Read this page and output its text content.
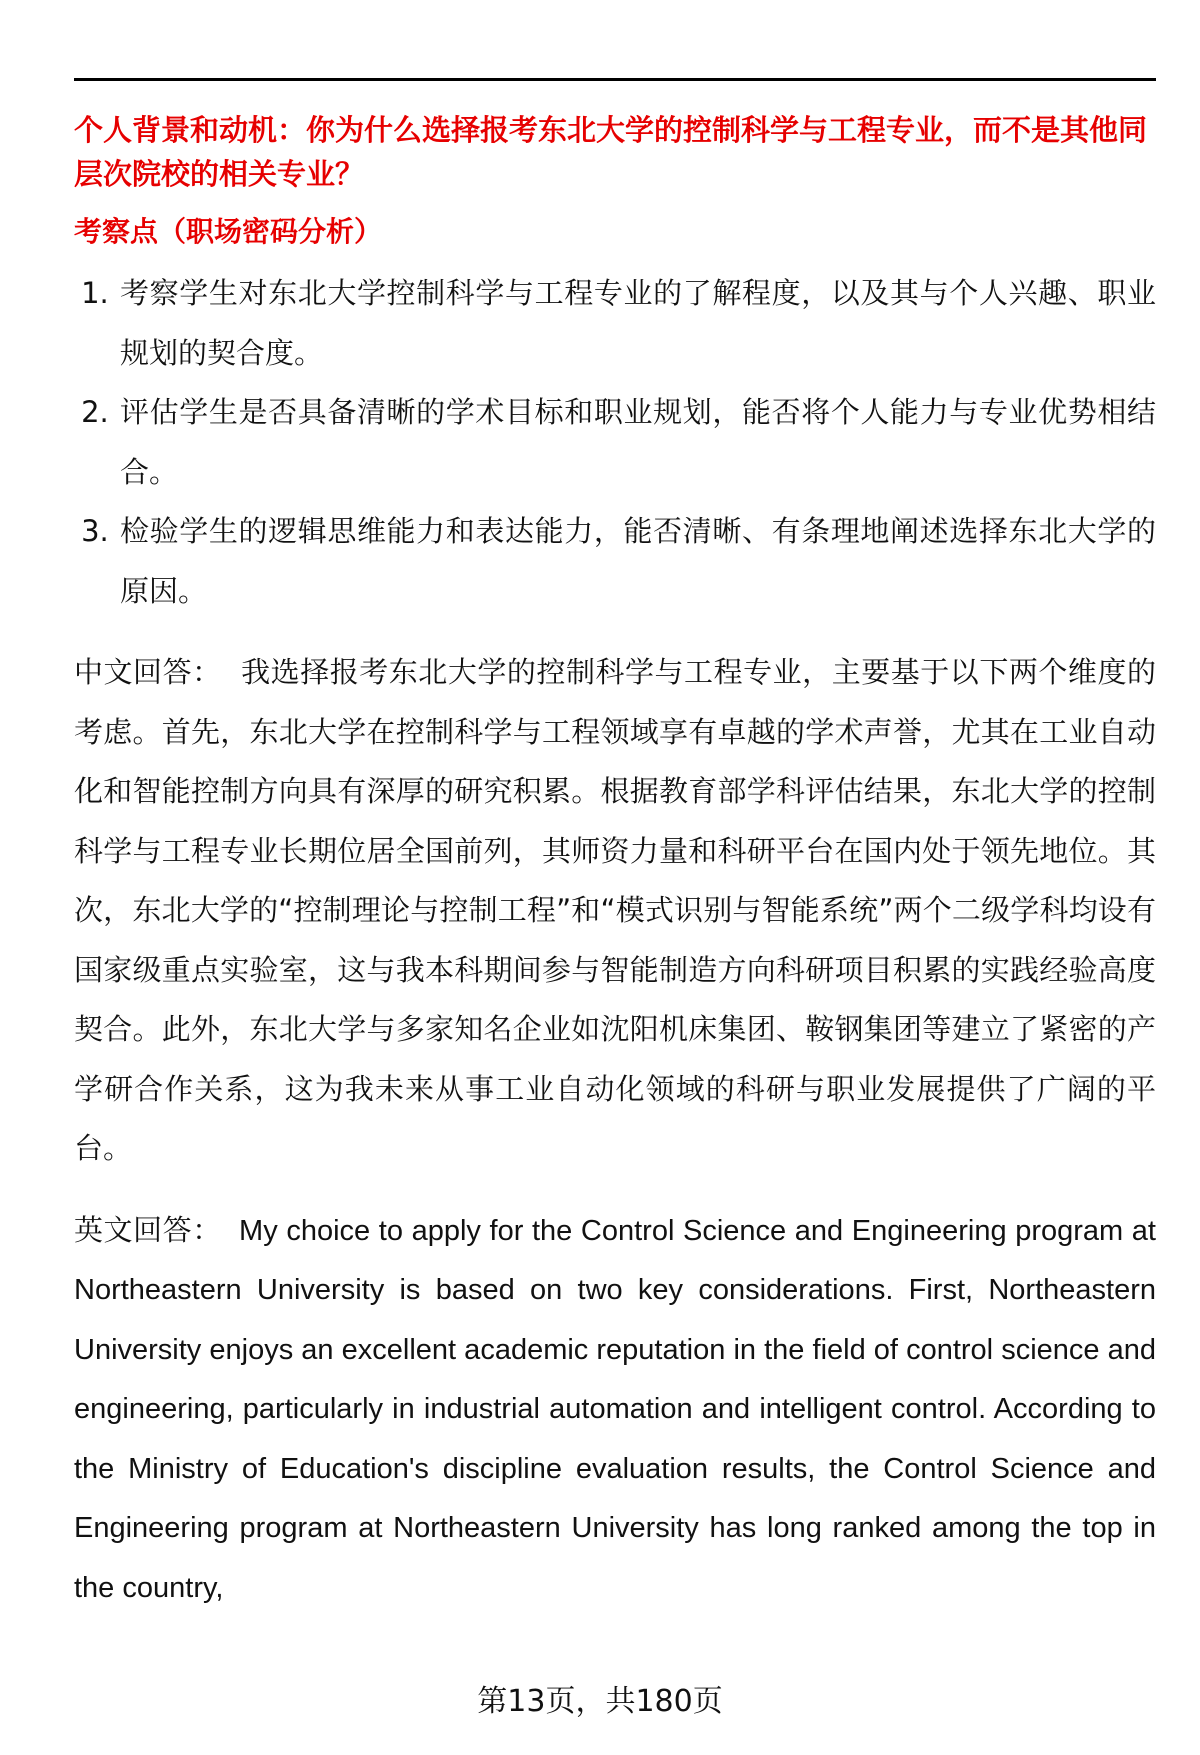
个人背景和动机：你为什么选择报考东北大学的控制科学与工程专业，而不是其他同层次院校的相关专业？
考察点（职场密码分析）
1. 考察学生对东北大学控制科学与工程专业的了解程度，以及其与个人兴趣、职业规划的契合度。
2. 评估学生是否具备清晰的学术目标和职业规划，能否将个人能力与专业优势相结合。
3. 检验学生的逻辑思维能力和表达能力，能否清晰、有条理地阐述选择东北大学的原因。

中文回答： 我选择报考东北大学的控制科学与工程专业，主要基于以下两个维度的考虑。首先，东北大学在控制科学与工程领域享有卓越的学术声誉，尤其在工业自动化和智能控制方向具有深厚的研究积累。根据教育部学科评估结果，东北大学的控制科学与工程专业长期位居全国前列，其师资力量和科研平台在国内处于领先地位。其次，东北大学的“控制理论与控制工程”和“模式识别与智能系统”两个二级学科均设有国家级重点实验室，这与我本科期间参与智能制造方向科研项目积累的实践经验高度契合。此外，东北大学与多家知名企业如沈阳机床集团、鞍钢集团等建立了紧密的产学研合作关系，这为我未来从事工业自动化领域的科研与职业发展提供了广阔的平台。

英文回答： My choice to apply for the Control Science and Engineering program at Northeastern University is based on two key considerations. First, Northeastern University enjoys an excellent academic reputation in the field of control science and engineering, particularly in industrial automation and intelligent control. According to the Ministry of Education's discipline evaluation results, the Control Science and Engineering program at Northeastern University has long ranked among the top in the country,

第13页，共180页
